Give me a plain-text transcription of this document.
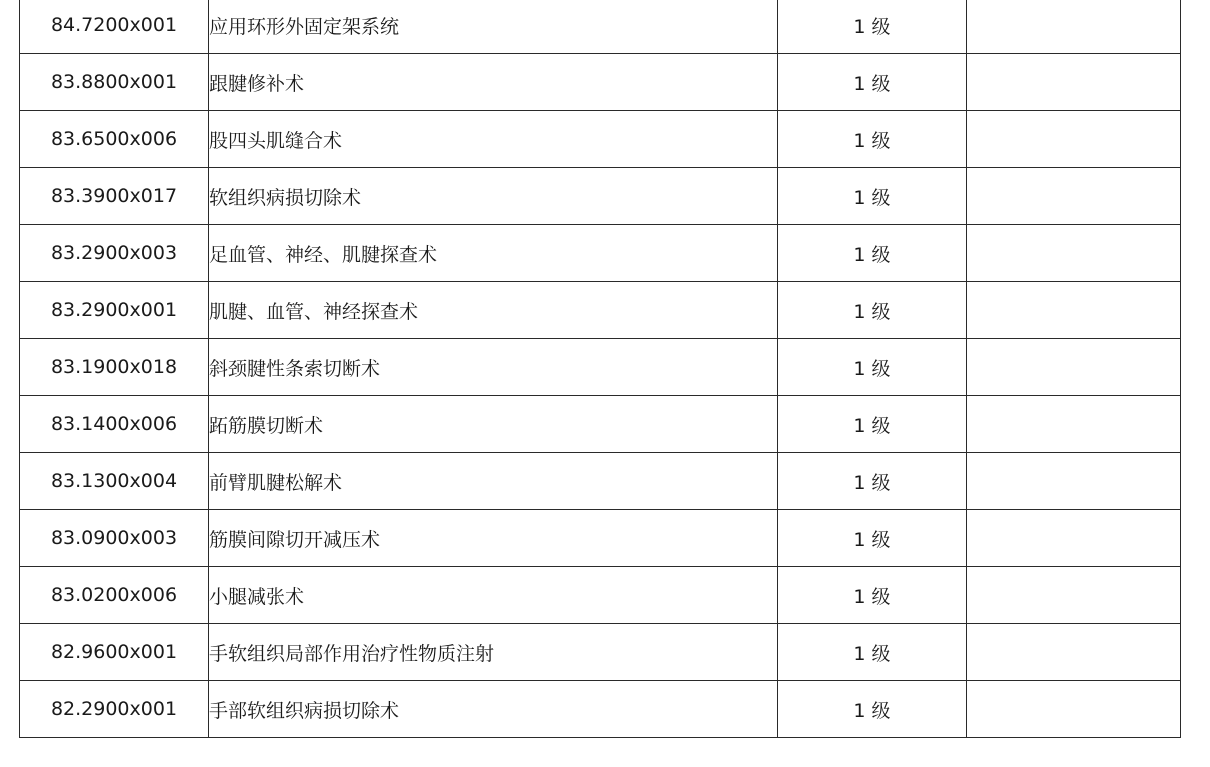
84.7200x001	应用环形外固定架系统	1 级	
83.8800x001	跟腱修补术	1 级	
83.6500x006	股四头肌缝合术	1 级	
83.3900x017	软组织病损切除术	1 级	
83.2900x003	足血管、神经、肌腱探查术	1 级	
83.2900x001	肌腱、血管、神经探查术	1 级	
83.1900x018	斜颈腱性条索切断术	1 级	
83.1400x006	跖筋膜切断术	1 级	
83.1300x004	前臂肌腱松解术	1 级	
83.0900x003	筋膜间隙切开减压术	1 级	
83.0200x006	小腿减张术	1 级	
82.9600x001	手软组织局部作用治疗性物质注射	1 级	
82.2900x001	手部软组织病损切除术	1 级	
